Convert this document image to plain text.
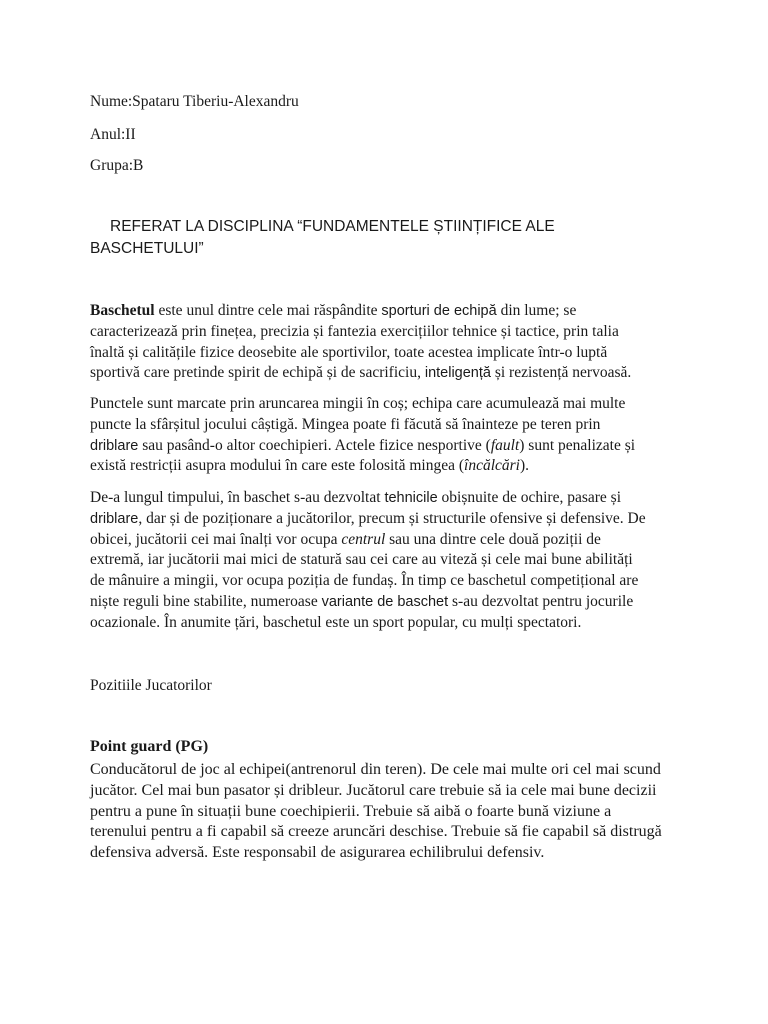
Nume:Spataru Tiberiu-Alexandru
Anul:II
Grupa:B
REFERAT LA DISCIPLINA “FUNDAMENTELE ȘTIINȚIFICE ALE
BASCHETULUI”
Baschetul este unul dintre cele mai răspândite sporturi de echipă din lume; se
caracterizează prin finețea, precizia și fantezia exercițiilor tehnice și tactice, prin talia
înaltă și calitățile fizice deosebite ale sportivilor, toate acestea implicate într-o luptă
sportivă care pretinde spirit de echipă și de sacrificiu, inteligență și rezistență nervoasă.
Punctele sunt marcate prin aruncarea mingii în coș; echipa care acumulează mai multe
puncte la sfârșitul jocului câștigă. Mingea poate fi făcută să înainteze pe teren prin
driblare sau pasând-o altor coechipieri. Actele fizice nesportive (fault) sunt penalizate și
există restricții asupra modului în care este folosită mingea (încălcări).
De-a lungul timpului, în baschet s-au dezvoltat tehnicile obișnuite de ochire, pasare și
driblare, dar și de poziționare a jucătorilor, precum și structurile ofensive și defensive. De
obicei, jucătorii cei mai înalți vor ocupa centrul sau una dintre cele două poziții de
extremă, iar jucătorii mai mici de statură sau cei care au viteză și cele mai bune abilități
de mânuire a mingii, vor ocupa poziția de fundaș. În timp ce baschetul competițional are
niște reguli bine stabilite, numeroase variante de baschet s-au dezvoltat pentru jocurile
ocazionale. În anumite țări, baschetul este un sport popular, cu mulți spectatori.
Pozitiile Jucatorilor
Point guard (PG)
Conducătorul de joc al echipei(antrenorul din teren). De cele mai multe ori cel mai scund
jucător. Cel mai bun pasator și dribleur. Jucătorul care trebuie să ia cele mai bune decizii
pentru a pune în situații bune coechipierii. Trebuie să aibă o foarte bună viziune a
terenului pentru a fi capabil să creeze aruncări deschise. Trebuie să fie capabil să distrugă
defensiva adversă. Este responsabil de asigurarea echilibrului defensiv.
